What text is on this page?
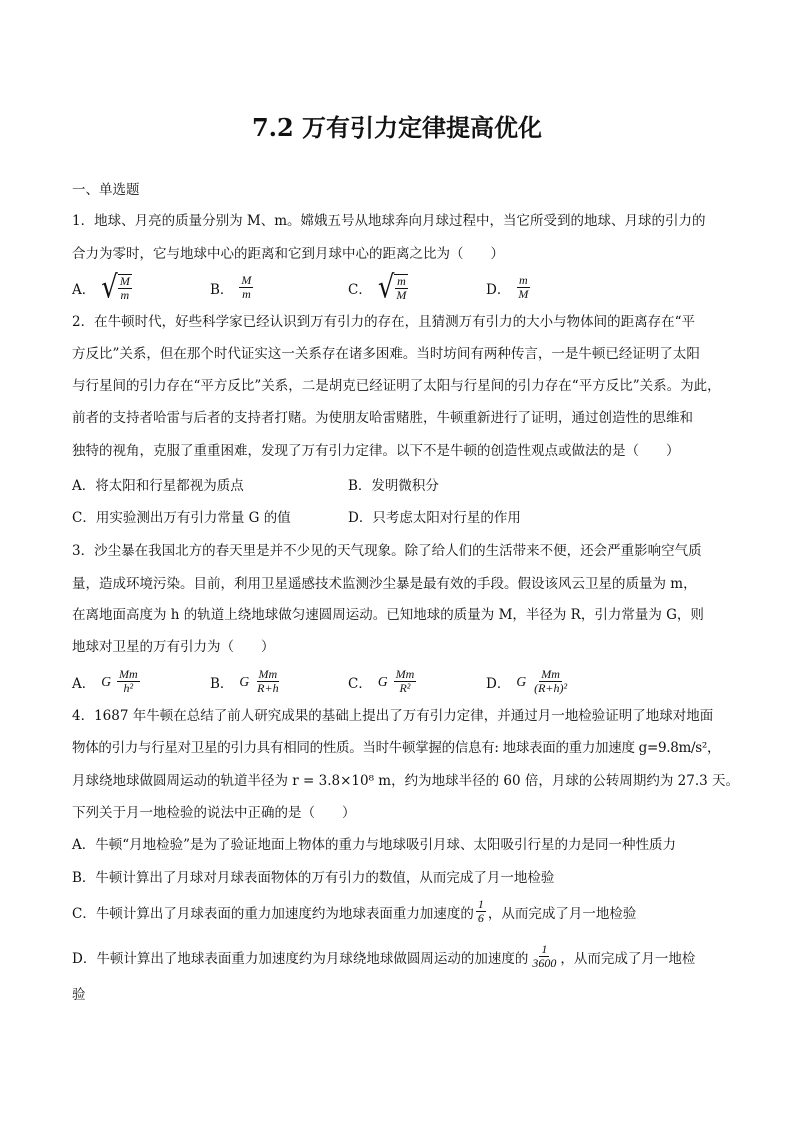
7.2 万有引力定律提高优化
一、单选题
1．地球、月亮的质量分别为 M、m。嫦娥五号从地球奔向月球过程中，当它所受到的地球、月球的引力的
合力为零时，它与地球中心的距离和它到月球中心的距离之比为（　　）
A． √ $\frac{M}{m}$	B． $\frac{M}{m}$	C． √ $\frac{m}{M}$	D． $\frac{m}{M}$
2．在牛顿时代，好些科学家已经认识到万有引力的存在，且猜测万有引力的大小与物体间的距离存在“平
方反比”关系，但在那个时代证实这一关系存在诸多困难。当时坊间有两种传言，一是牛顿已经证明了太阳
与行星间的引力存在“平方反比”关系，二是胡克已经证明了太阳与行星间的引力存在“平方反比”关系。为此，
前者的支持者哈雷与后者的支持者打赌。为使朋友哈雷赌胜，牛顿重新进行了证明，通过创造性的思维和
独特的视角，克服了重重困难，发现了万有引力定律。以下不是牛顿的创造性观点或做法的是（　　）
A．将太阳和行星都视为质点	B．发明微积分
C．用实验测出万有引力常量 G 的值	D．只考虑太阳对行星的作用
3．沙尘暴在我国北方的春天里是并不少见的天气现象。除了给人们的生活带来不便，还会严重影响空气质
量，造成环境污染。目前，利用卫星遥感技术监测沙尘暴是最有效的手段。假设该风云卫星的质量为 m，
在离地面高度为 h 的轨道上绕地球做匀速圆周运动。已知地球的质量为 M，半径为 R，引力常量为 G，则
地球对卫星的万有引力为（　　）
A． G $\frac{Mm}{\text{h²}}$	B． G $\frac{Mm}{R+h}$	C． G $\frac{Mm}{\text{R²}}$	D． G $\frac{Mm}{\text{(R+h)²}}$
4．1687 年牛顿在总结了前人研究成果的基础上提出了万有引力定律，并通过月一地检验证明了地球对地面
物体的引力与行星对卫星的引力具有相同的性质。当时牛顿掌握的信息有: 地球表面的重力加速度 g=9.8m/s²，
月球绕地球做圆周运动的轨道半径为 r = 3.8×10⁸ m，约为地球半径的 60 倍，月球的公转周期约为 27.3 天。
下列关于月一地检验的说法中正确的是（　　）
A．牛顿“月地检验”是为了验证地面上物体的重力与地球吸引月球、太阳吸引行星的力是同一种性质力
B．牛顿计算出了月球对月球表面物体的万有引力的数值，从而完成了月一地检验
C．牛顿计算出了月球表面的重力加速度约为地球表面重力加速度的 $\frac{1}{6}$ ，从而完成了月一地检验
D．牛顿计算出了地球表面重力加速度约为月球绕地球做圆周运动的加速度的 $\frac{1}{3600}$ ，从而完成了月一地检
验
